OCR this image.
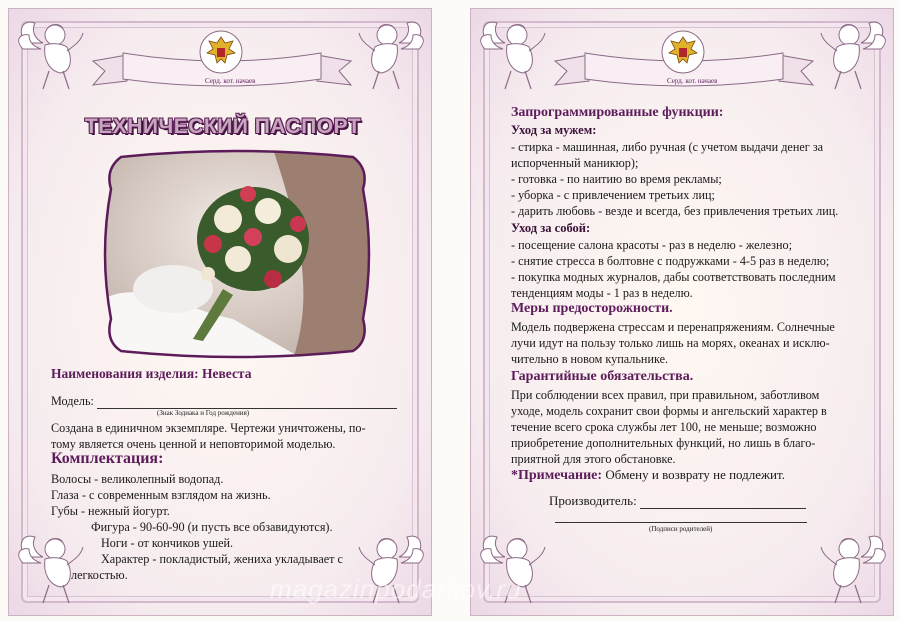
Серд. кот. начаев
ТЕХНИЧЕСКИЙ ПАСПОРТ
Наименования изделия: Невеста
Модель:
(Знак Зодиака и Год рождения)
Создана в единичном экземпляре. Чертежи уничтожены, по-
тому является очень ценной и неповторимой моделью.
Комплектация:
Волосы - великолепный водопад.
Глаза - с современным взглядом на жизнь.
Губы - нежный йогурт.
Фигура - 90-60-90 (и пусть все обзавидуются).
Ноги - от кончиков ушей.
Характер - покладистый, жениха укладывает с
легкостью.
Серд. кот. начаев
Запрограммированные функции:
Уход за мужем:
- стирка - машинная, либо ручная (с учетом выдачи денег за
испорченный маникюр);
- готовка - по наитию во время рекламы;
- уборка - с привлечением третьих лиц;
- дарить любовь - везде и всегда, без привлечения третьих лиц.
Уход за собой:
- посещение салона красоты - раз в неделю - железно;
- снятие стресса в болтовне с подружками - 4-5 раз в неделю;
- покупка модных журналов, дабы соответствовать последним
тенденциям моды - 1 раз в неделю.
Меры предосторожности.
Модель подвержена стрессам и перенапряжениям. Солнечные
лучи идут на пользу только лишь на морях, океанах и исклю-
чительно в новом купальнике.
Гарантийные обязательства.
При соблюдении всех правил, при правильном, заботливом
уходе, модель сохранит свои формы и ангельский характер в
течение всего срока службы лет 100, не меньше; возможно
приобретение дополнительных функций, но лишь в благо-
приятной для этого обстановке.
*Примечание: Обмену и возврату не подлежит.
Производитель:
(Подписи родителей)
magazinpodarkov.ru
